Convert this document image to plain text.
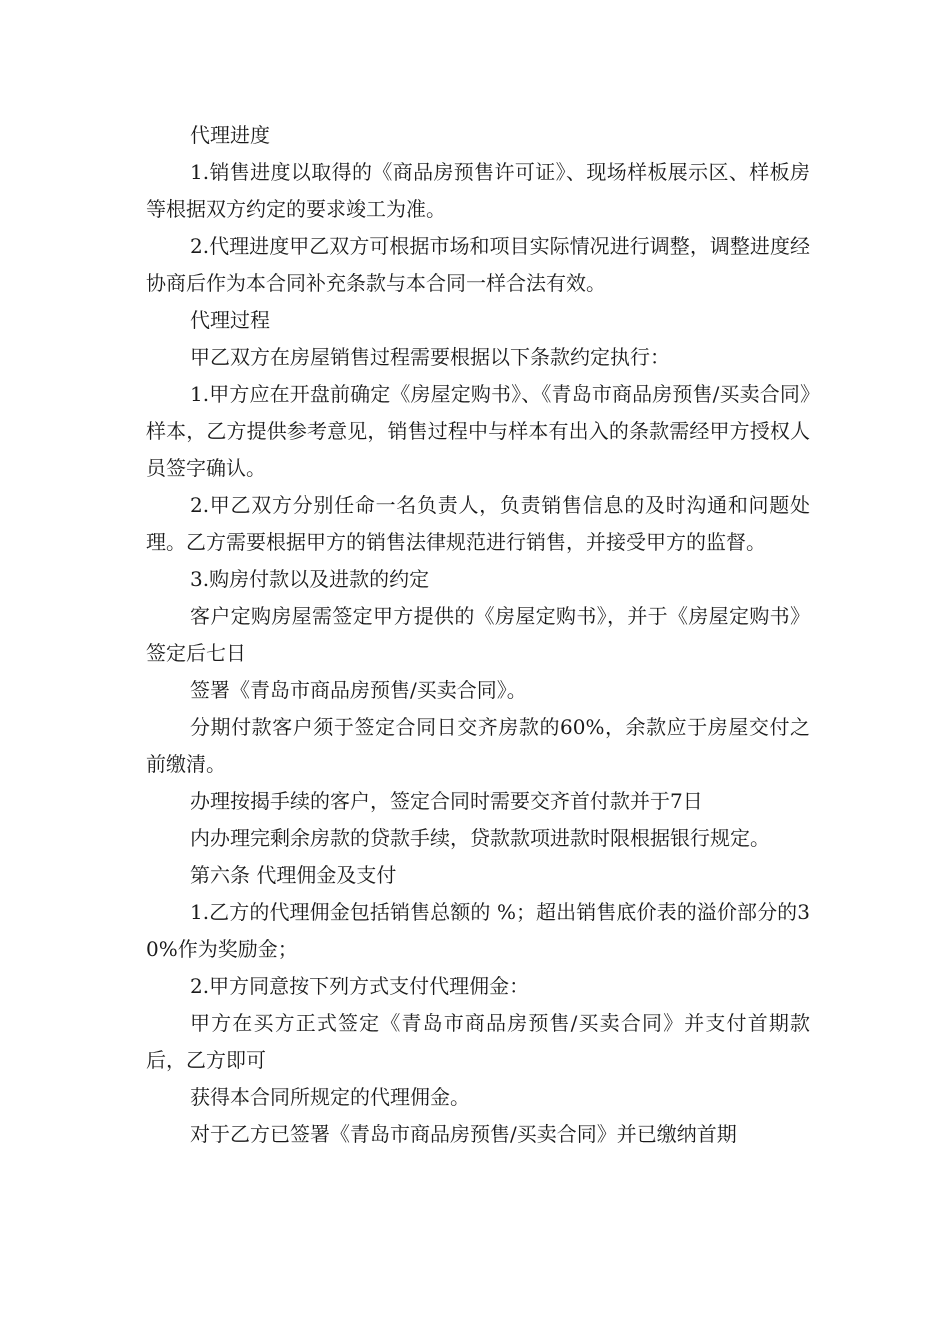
代理进度

1.销售进度以取得的《商品房预售许可证》、现场样板展示区、样板房等根据双方约定的要求竣工为准。

2.代理进度甲乙双方可根据市场和项目实际情况进行调整，调整进度经协商后作为本合同补充条款与本合同一样合法有效。

代理过程

甲乙双方在房屋销售过程需要根据以下条款约定执行：

1.甲方应在开盘前确定《房屋定购书》、《青岛市商品房预售/买卖合同》样本，乙方提供参考意见，销售过程中与样本有出入的条款需经甲方授权人员签字确认。

2.甲乙双方分别任命一名负责人，负责销售信息的及时沟通和问题处理。乙方需要根据甲方的销售法律规范进行销售，并接受甲方的监督。

3.购房付款以及进款的约定

客户定购房屋需签定甲方提供的《房屋定购书》，并于《房屋定购书》签定后七日

签署《青岛市商品房预售/买卖合同》。

分期付款客户须于签定合同日交齐房款的60%，余款应于房屋交付之前缴清。

办理按揭手续的客户，签定合同时需要交齐首付款并于7日

内办理完剩余房款的贷款手续，贷款款项进款时限根据银行规定。

第六条 代理佣金及支付

1.乙方的代理佣金包括销售总额的 %；超出销售底价表的溢价部分的30%作为奖励金；

2.甲方同意按下列方式支付代理佣金：

甲方在买方正式签定《青岛市商品房预售/买卖合同》并支付首期款后，乙方即可

获得本合同所规定的代理佣金。

对于乙方已签署《青岛市商品房预售/买卖合同》并已缴纳首期
